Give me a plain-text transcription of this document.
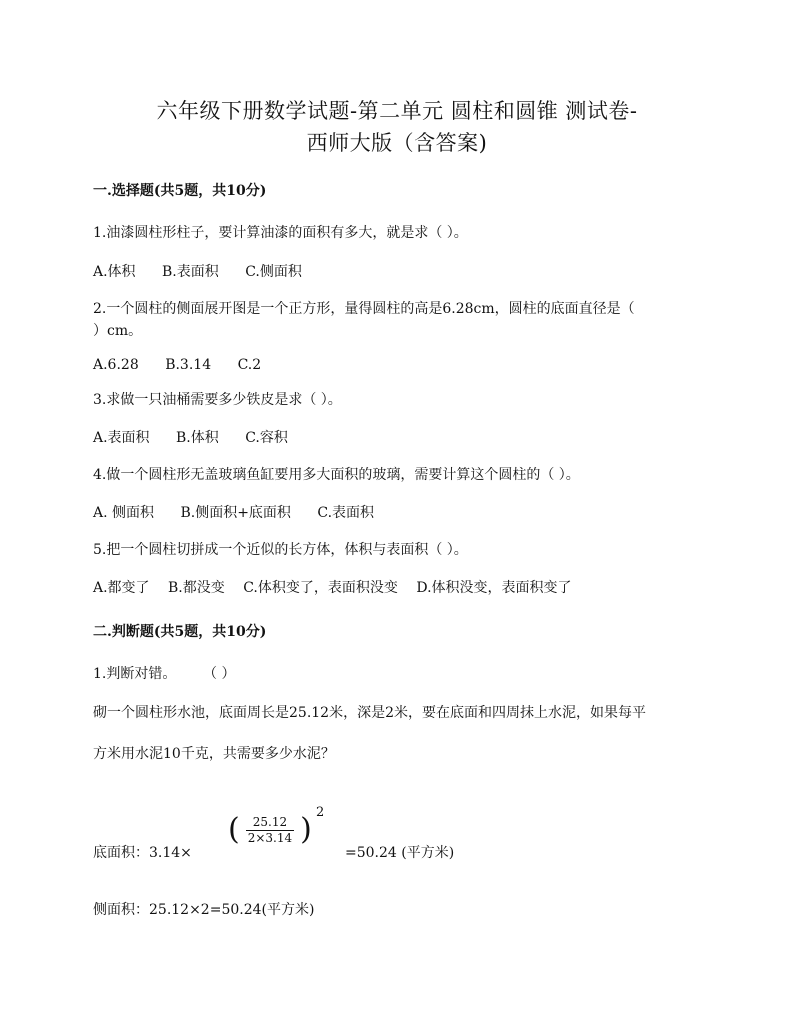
六年级下册数学试题-第二单元 圆柱和圆锥 测试卷-
西师大版（含答案)
一.选择题(共5题，共10分)
1.油漆圆柱形柱子，要计算油漆的面积有多大，就是求（ ）。
A.体积 B.表面积 C.侧面积
2.一个圆柱的侧面展开图是一个正方形，量得圆柱的高是6.28cm，圆柱的底面直径是（
）cm。
A.6.28 B.3.14 C.2
3.求做一只油桶需要多少铁皮是求（ ）。
A.表面积 B.体积 C.容积
4.做一个圆柱形无盖玻璃鱼缸要用多大面积的玻璃，需要计算这个圆柱的（ ）。
A. 侧面积 B.侧面积+底面积 C.表面积
5.把一个圆柱切拼成一个近似的长方体，体积与表面积（ ）。
A.都变了 B.都没变 C.体积变了，表面积没变 D.体积没变，表面积变了
二.判断题(共5题，共10分)
1.判断对错。      （ ）
砌一个圆柱形水池，底面周长是25.12米，深是2米，要在底面和四周抹上水泥，如果每平
方米用水泥10千克，共需要多少水泥？
底面积：3.14×
( $\frac{25.12}{2\times 3.14}$ ) 2
=50.24 (平方米)
侧面积：25.12×2=50.24(平方米)
